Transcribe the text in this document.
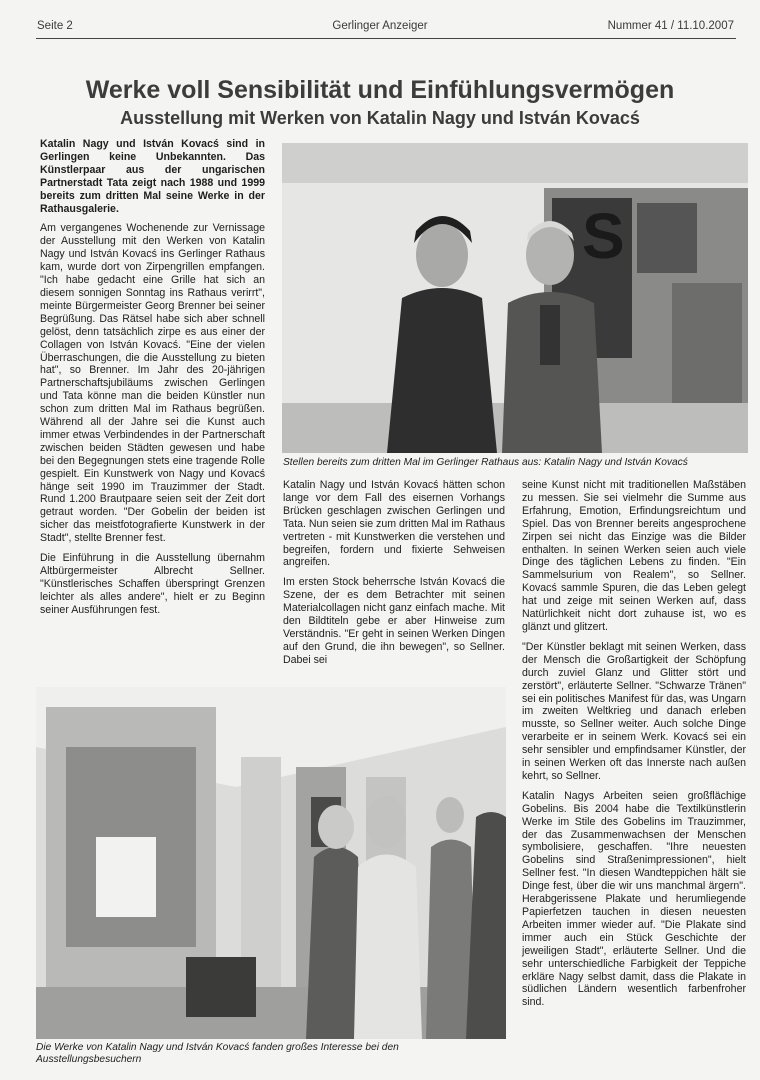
Seite 2	Gerlinger Anzeiger	Nummer 41 / 11.10.2007
Werke voll Sensibilität und Einfühlungsvermögen
Ausstellung mit Werken von Katalin Nagy und István Kovacś

Katalin Nagy und István Kovacś sind in Gerlingen keine Unbekannten. Das Künstlerpaar aus der ungarischen Partnerstadt Tata zeigt nach 1988 und 1999 bereits zum dritten Mal seine Werke in der Rathausgalerie.

Am vergangenes Wochenende zur Vernissage der Ausstellung mit den Werken von Katalin Nagy und István Kovacś ins Gerlinger Rathaus kam, wurde dort von Zirpengrillen empfangen. "Ich habe gedacht eine Grille hat sich an diesem sonnigen Sonntag ins Rathaus verirrt", meinte Bürgermeister Georg Brenner bei seiner Begrüßung. Das Rätsel habe sich aber schnell gelöst, denn tatsächlich zirpe es aus einer der Collagen von István Kovacś. "Eine der vielen Überraschungen, die die Ausstellung zu bieten hat", so Brenner. Im Jahr des 20-jährigen Partnerschaftsjubiläums zwischen Gerlingen und Tata könne man die beiden Künstler nun schon zum dritten Mal im Rathaus begrüßen. Während all der Jahre sei die Kunst auch immer etwas Verbindendes in der Partnerschaft zwischen beiden Städten gewesen und habe bei den Begegnungen stets eine tragende Rolle gespielt. Ein Kunstwerk von Nagy und Kovacś hänge seit 1990 im Trauzimmer der Stadt. Rund 1.200 Brautpaare seien seit der Zeit dort getraut worden. "Der Gobelin der beiden ist sicher das meistfotografierte Kunstwerk in der Stadt", stellte Brenner fest.

Die Einführung in die Ausstellung übernahm Altbürgermeister Albrecht Sellner. "Künstlerisches Schaffen überspringt Grenzen leichter als alles andere", hielt er zu Beginn seiner Ausführungen fest.

S
Stellen bereits zum dritten Mal im Gerlinger Rathaus aus: Katalin Nagy und István Kovacś

Katalin Nagy und István Kovacś hätten schon lange vor dem Fall des eisernen Vorhangs Brücken geschlagen zwischen Gerlingen und Tata. Nun seien sie zum dritten Mal im Rathaus vertreten - mit Kunstwerken die verstehen und begreifen, fordern und fixierte Sehweisen angreifen.

Im ersten Stock beherrsche István Kovacś die Szene, der es dem Betrachter mit seinen Materialcollagen nicht ganz einfach mache. Mit den Bildtiteln gebe er aber Hinweise zum Verständnis. "Er geht in seinen Werken Dingen auf den Grund, die ihn bewegen", so Sellner. Dabei sei

seine Kunst nicht mit traditionellen Maßstäben zu messen. Sie sei vielmehr die Summe aus Erfahrung, Emotion, Erfindungsreichtum und Spiel. Das von Brenner bereits angesprochene Zirpen sei nicht das Einzige was die Bilder enthalten. In seinen Werken seien auch viele Dinge des täglichen Lebens zu finden. "Ein Sammelsurium von Realem", so Sellner. Kovacś sammle Spuren, die das Leben gelegt hat und zeige mit seinen Werken auf, dass Natürlichkeit nicht dort zuhause ist, wo es glänzt und glitzert.

"Der Künstler beklagt mit seinen Werken, dass der Mensch die Großartigkeit der Schöpfung durch zuviel Glanz und Glitter stört und zerstört", erläuterte Sellner. "Schwarze Tränen" sei ein politisches Manifest für das, was Ungarn im zweiten Weltkrieg und danach erleben musste, so Sellner weiter. Auch solche Dinge verarbeite er in seinem Werk. Kovacś sei ein sehr sensibler und empfindsamer Künstler, der in seinen Werken oft das Innerste nach außen kehrt, so Sellner.

Katalin Nagys Arbeiten seien großflächige Gobelins. Bis 2004 habe die Textilkünstlerin Werke im Stile des Gobelins im Trauzimmer, der das Zusammenwachsen der Menschen symbolisiere, geschaffen. "Ihre neuesten Gobelins sind Straßenimpressionen", hielt Sellner fest. "In diesen Wandteppichen hält sie Dinge fest, über die wir uns manchmal ärgern". Herabgerissene Plakate und herumliegende Papierfetzen tauchen in diesen neuesten Arbeiten immer wieder auf. "Die Plakate sind immer auch ein Stück Geschichte der jeweiligen Stadt", erläuterte Sellner. Und die sehr unterschiedliche Farbigkeit der Teppiche erkläre Nagy selbst damit, dass die Plakate in südlichen Ländern wesentlich farbenfroher sind.

Die Werke von Katalin Nagy und István Kovacś fanden großes Interesse bei den Ausstellungsbesuchern
